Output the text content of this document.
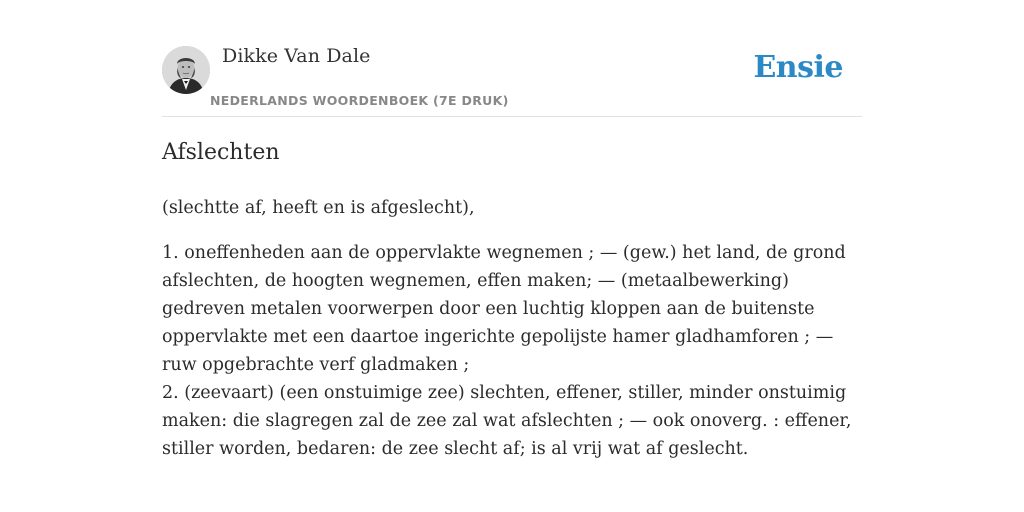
Dikke Van Dale
NEDERLANDS WOORDENBOEK (7E DRUK)
Ensie
Afslechten

(slechtte af, heeft en is afgeslecht),

1. oneffenheden aan de oppervlakte wegnemen ; — (gew.) het land, de grond afslechten, de hoogten wegnemen, effen maken; — (metaalbewerking) gedreven metalen voorwerpen door een luchtig kloppen aan de buitenste oppervlakte met een daartoe ingerichte gepolijste hamer gladhamforen ; — ruw opgebrachte verf gladmaken ;
2. (zeevaart) (een onstuimige zee) slechten, effener, stiller, minder onstuimig maken: die slagregen zal de zee zal wat afslechten ; — ook onoverg. : effener, stiller worden, bedaren: de zee slecht af; is al vrij wat af geslecht.
